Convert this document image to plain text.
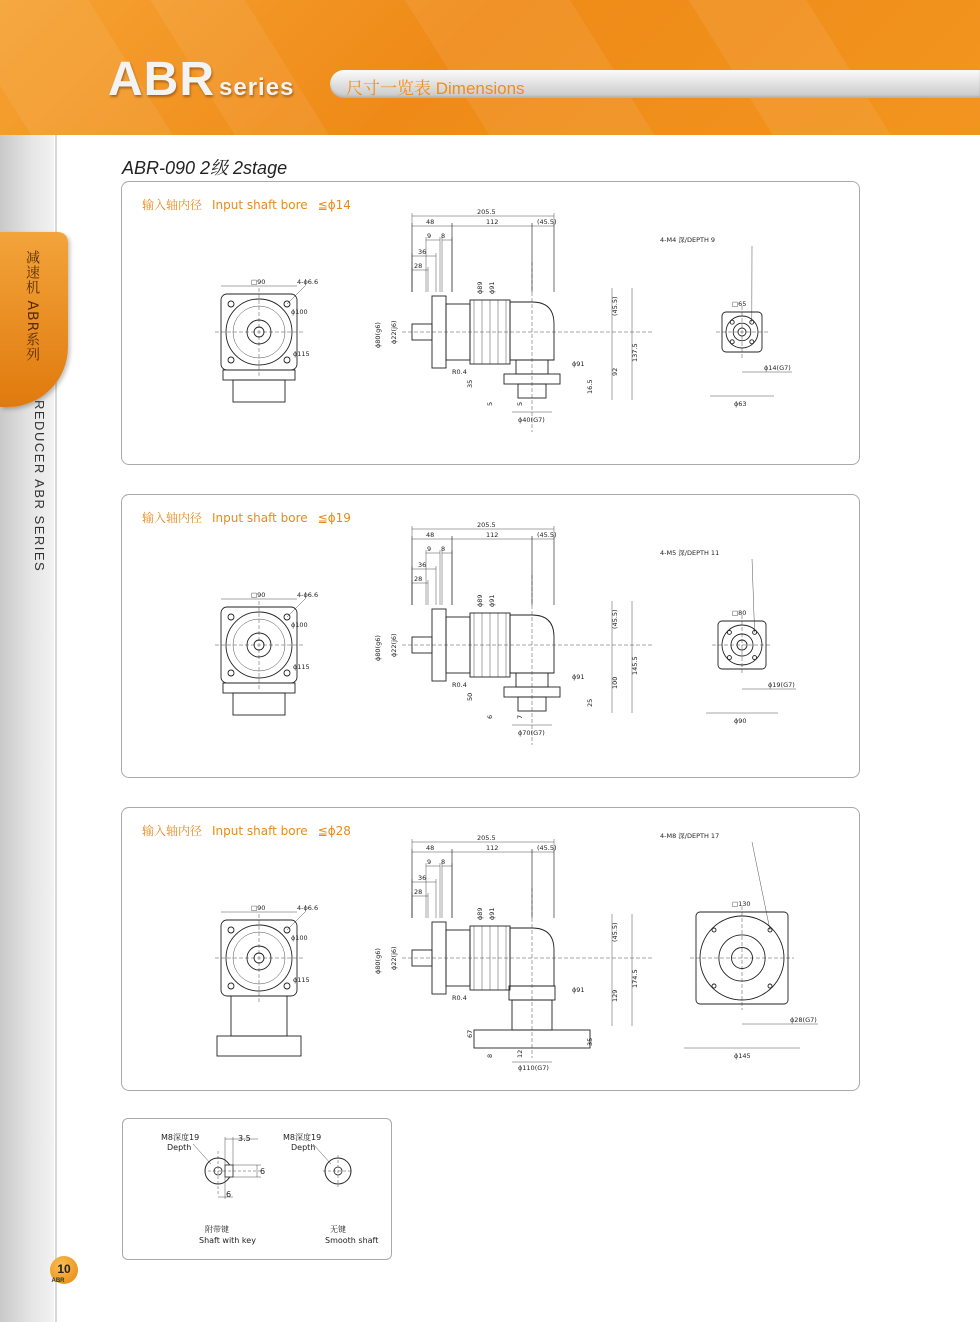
ABR series	尺寸一览表 Dimensions
减速机 ABR系列
REDUCER ABR SERIES
ABR-090 2级 2stage
输入轴内径 Input shaft bore ≦ϕ14
□90	4-ϕ6.6
ϕ100
ϕ115
205.5
48	112	(45.5)
9 8
36
28
ϕ89 ϕ91
ϕ80(g6) ϕ22(j6)
R0.4
ϕ91
35
5	5
(45.5)
92
137.5
16.5
ϕ40(G7)
4-M4 深/DEPTH 9
□65
ϕ14(G7)
ϕ63
输入轴内径 Input shaft bore ≦ϕ19
□90	4-ϕ6.6
ϕ100
ϕ115
205.5
48	112	(45.5)
9 8
36
28
ϕ89 ϕ91
ϕ80(g6) ϕ22(j6)
R0.4
ϕ91
50
6	7
(45.5)
100
145.5
25
ϕ70(G7)
4-M5 深/DEPTH 11
□80
ϕ19(G7)
ϕ90
输入轴内径 Input shaft bore ≦ϕ28
□90	4-ϕ6.6
ϕ100
ϕ115
205.5
48	112	(45.5)
9 8
36
28
ϕ89 ϕ91
ϕ80(g6) ϕ22(j6)
R0.4
ϕ91
67
8	12
(45.5)
129
174.5
35
ϕ110(G7)
4-M8 深/DEPTH 17
□130
ϕ28(G7)
ϕ145
M8深度19
Depth
3.5
6
6
附带键
Shaft with key
M8深度19
Depth
无键
Smooth shaft
10
ABR
